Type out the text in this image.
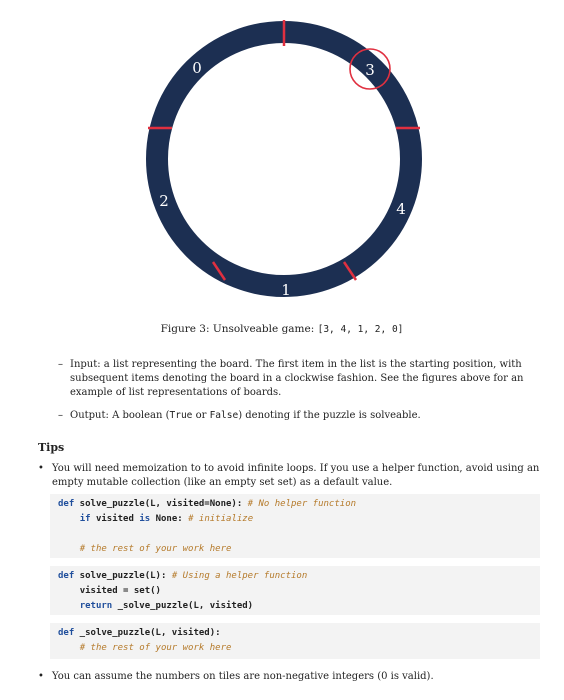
0	3
4
1
2
Figure 3: Unsolveable game: [3, 4, 1, 2, 0]
– Input: a list representing the board. The first item in the list is the starting position, with subsequent items denoting the board in a clockwise fashion. See the figures above for an example of list representations of boards.
– Output: A boolean (True or False) denoting if the puzzle is solveable.
Tips
• You will need memoization to to avoid infinite loops. If you use a helper function, avoid using an empty mutable collection (like an empty set set) as a default value.
def solve_puzzle(L, visited=None): # No helper function
if visited is None: # initialize

# the rest of your work here
def solve_puzzle(L): # Using a helper function
visited = set()
return _solve_puzzle(L, visited)
def _solve_puzzle(L, visited):
# the rest of your work here
• You can assume the numbers on tiles are non-negative integers (0 is valid).
